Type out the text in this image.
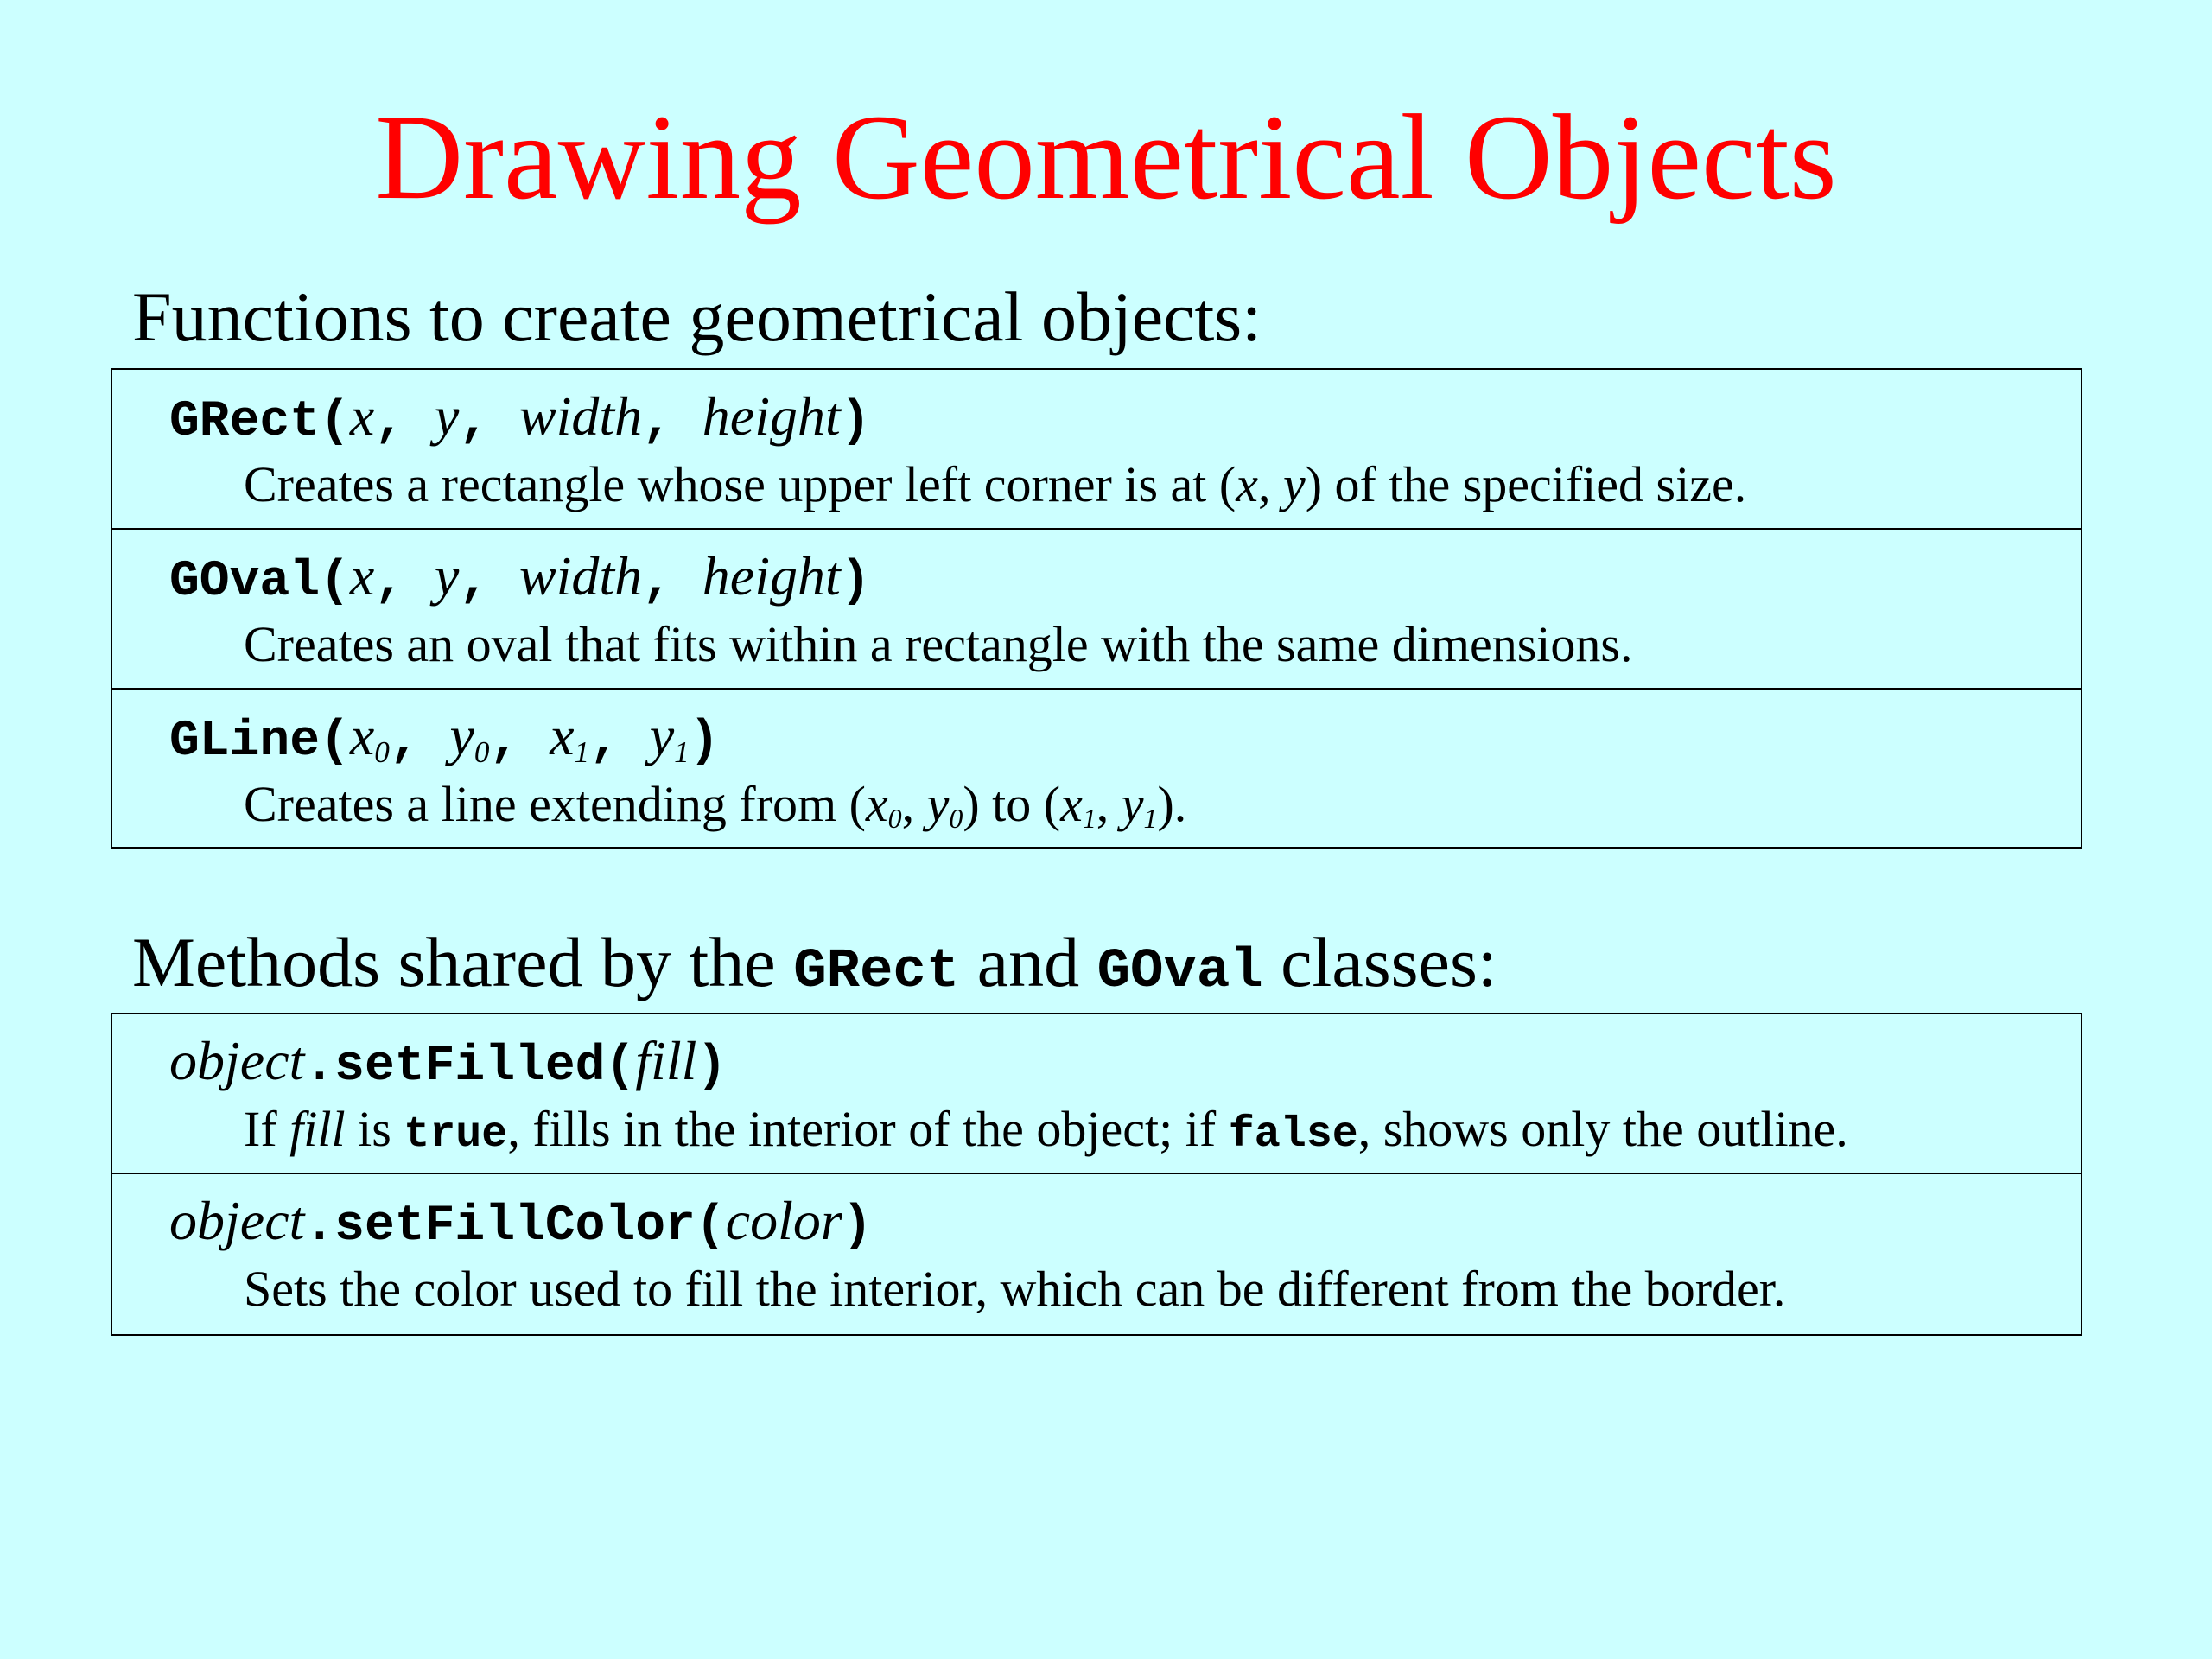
Drawing Geometrical Objects
Functions to create geometrical objects:
GRect(x, y, width, height)
Creates a rectangle whose upper left corner is at (x, y) of the specified size.
GOval(x, y, width, height)
Creates an oval that fits within a rectangle with the same dimensions.
$GLine(x_0$, $y_0$, $x_1$, $y_1$)
Creates a line extending from ($x_0$, $y_0$) to ($x_1$, $y_1$).
Methods shared by the GRect and GOval classes:
object.setFilled(fill)
If fill is true, fills in the interior of the object; if false, shows only the outline.
object.setFillColor(color)
Sets the color used to fill the interior, which can be different from the border.
